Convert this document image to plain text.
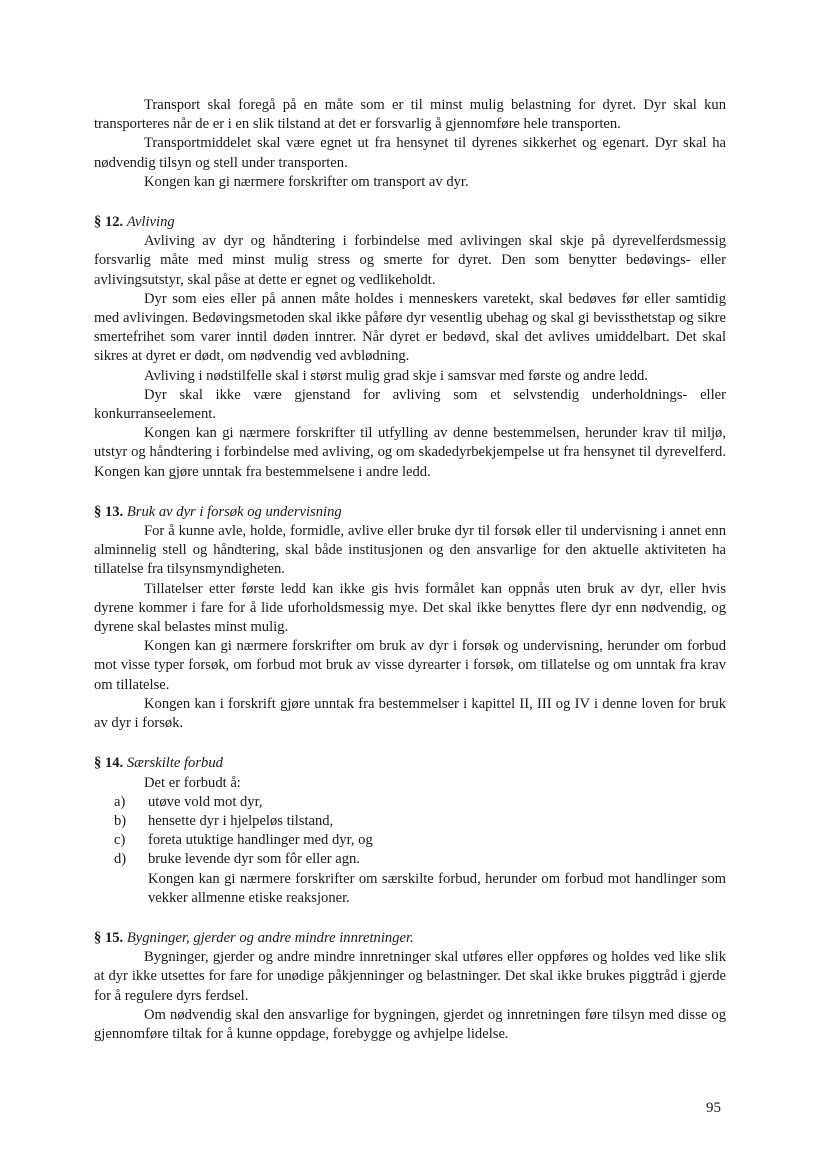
Transport skal foregå på en måte som er til minst mulig belastning for dyret. Dyr skal kun transporteres når de er i en slik tilstand at det er forsvarlig å gjennomføre hele transporten.

Transportmiddelet skal være egnet ut fra hensynet til dyrenes sikkerhet og egenart. Dyr skal ha nødvendig tilsyn og stell under transporten.

Kongen kan gi nærmere forskrifter om transport av dyr.

§ 12. Avliving

Avliving av dyr og håndtering i forbindelse med avlivingen skal skje på dyrevelferdsmessig forsvarlig måte med minst mulig stress og smerte for dyret. Den som benytter bedøvings- eller avlivingsutstyr, skal påse at dette er egnet og vedlikeholdt.

Dyr som eies eller på annen måte holdes i menneskers varetekt, skal bedøves før eller samtidig med avlivingen. Bedøvingsmetoden skal ikke påføre dyr vesentlig ubehag og skal gi bevissthetstap og sikre smertefrihet som varer inntil døden inntrer. Når dyret er bedøvd, skal det avlives umiddelbart. Det skal sikres at dyret er dødt, om nødvendig ved avblødning.

Avliving i nødstilfelle skal i størst mulig grad skje i samsvar med første og andre ledd.

Dyr skal ikke være gjenstand for avliving som et selvstendig underholdnings- eller konkurranseelement.

Kongen kan gi nærmere forskrifter til utfylling av denne bestemmelsen, herunder krav til miljø, utstyr og håndtering i forbindelse med avliving, og om skadedyrbekjempelse ut fra hensynet til dyrevelferd. Kongen kan gjøre unntak fra bestemmelsene i andre ledd.

§ 13. Bruk av dyr i forsøk og undervisning

For å kunne avle, holde, formidle, avlive eller bruke dyr til forsøk eller til undervisning i annet enn alminnelig stell og håndtering, skal både institusjonen og den ansvarlige for den aktuelle aktiviteten ha tillatelse fra tilsynsmyndigheten.

Tillatelser etter første ledd kan ikke gis hvis formålet kan oppnås uten bruk av dyr, eller hvis dyrene kommer i fare for å lide uforholdsmessig mye. Det skal ikke benyttes flere dyr enn nødvendig, og dyrene skal belastes minst mulig.

Kongen kan gi nærmere forskrifter om bruk av dyr i forsøk og undervisning, herunder om forbud mot visse typer forsøk, om forbud mot bruk av visse dyrearter i forsøk, om tillatelse og om unntak fra krav om tillatelse.

Kongen kan i forskrift gjøre unntak fra bestemmelser i kapittel II, III og IV i denne loven for bruk av dyr i forsøk.

§ 14. Særskilte forbud

Det er forbudt å:

a)	utøve vold mot dyr,
b)	hensette dyr i hjelpeløs tilstand,
c)	foreta utuktige handlinger med dyr, og
d)	bruke levende dyr som fôr eller agn.

Kongen kan gi nærmere forskrifter om særskilte forbud, herunder om forbud mot handlinger som vekker allmenne etiske reaksjoner.

§ 15. Bygninger, gjerder og andre mindre innretninger.

Bygninger, gjerder og andre mindre innretninger skal utføres eller oppføres og holdes ved like slik at dyr ikke utsettes for fare for unødige påkjenninger og belastninger. Det skal ikke brukes piggtråd i gjerde for å regulere dyrs ferdsel.

Om nødvendig skal den ansvarlige for bygningen, gjerdet og innretningen føre tilsyn med disse og gjennomføre tiltak for å kunne oppdage, forebygge og avhjelpe lidelse.

95
